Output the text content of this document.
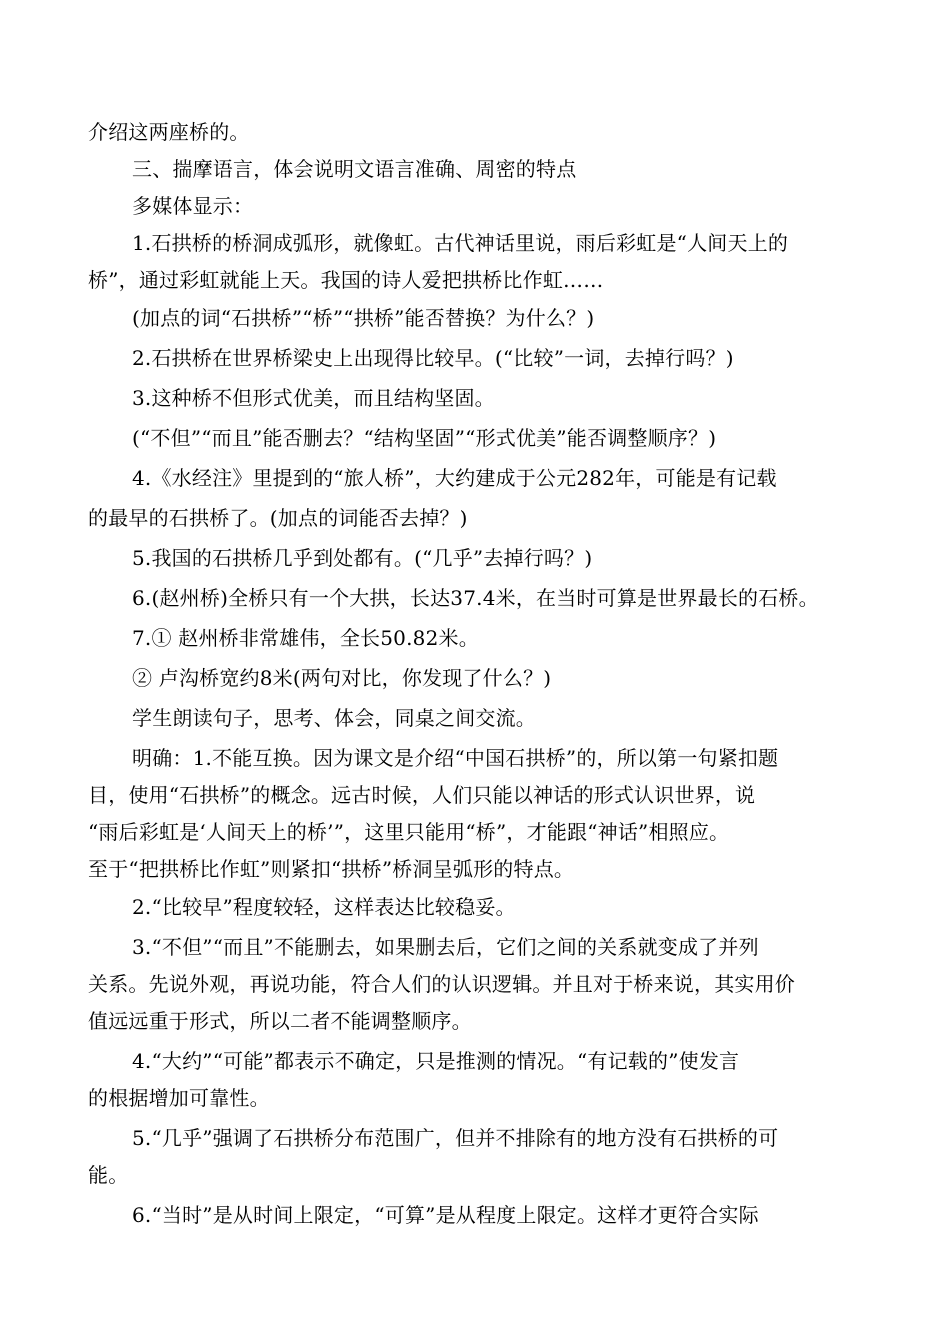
介绍这两座桥的。
三、揣摩语言，体会说明文语言准确、周密的特点
多媒体显示：
1.石拱桥的桥洞成弧形，就像虹。古代神话里说，雨后彩虹是“人间天上的
桥”，通过彩虹就能上天。我国的诗人爱把拱桥比作虹……
(加点的词“石拱桥”“桥”“拱桥”能否替换？为什么？)
2.石拱桥在世界桥梁史上出现得比较早。(“比较”一词，去掉行吗？)
3.这种桥不但形式优美，而且结构坚固。
(“不但”“而且”能否删去？“结构坚固”“形式优美”能否调整顺序？)
4.《水经注》里提到的“旅人桥”，大约建成于公元282年，可能是有记载
的最早的石拱桥了。(加点的词能否去掉？)
5.我国的石拱桥几乎到处都有。(“几乎”去掉行吗？)
6.(赵州桥)全桥只有一个大拱，长达37.4米，在当时可算是世界最长的石桥。
7.① 赵州桥非常雄伟，全长50.82米。
② 卢沟桥宽约8米(两句对比，你发现了什么？)
学生朗读句子，思考、体会，同桌之间交流。
明确：1.不能互换。因为课文是介绍“中国石拱桥”的，所以第一句紧扣题
目，使用“石拱桥”的概念。远古时候，人们只能以神话的形式认识世界，说
“雨后彩虹是‘人间天上的桥’”，这里只能用“桥”，才能跟“神话”相照应。
至于“把拱桥比作虹”则紧扣“拱桥”桥洞呈弧形的特点。
2.“比较早”程度较轻，这样表达比较稳妥。
3.“不但”“而且”不能删去，如果删去后，它们之间的关系就变成了并列
关系。先说外观，再说功能，符合人们的认识逻辑。并且对于桥来说，其实用价
值远远重于形式，所以二者不能调整顺序。
4.“大约”“可能”都表示不确定，只是推测的情况。“有记载的”使发言
的根据增加可靠性。
5.“几乎”强调了石拱桥分布范围广，但并不排除有的地方没有石拱桥的可
能。
6.“当时”是从时间上限定，“可算”是从程度上限定。这样才更符合实际
